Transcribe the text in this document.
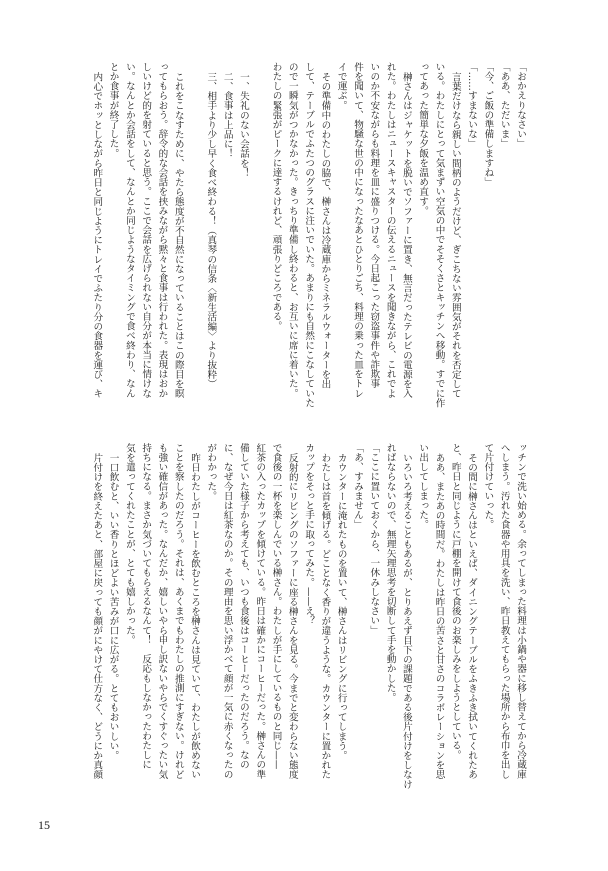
「おかえりなさい」

「ああ、ただいま」

「今、ご飯の準備しますね」

「……すまないな」

言葉だけなら親しい間柄のようだけど、ぎこちない雰囲気がそれを否定して

いる。わたしにとって気まずい空気の中でそそくさとキッチンへ移動。すでに作

ってあった簡単な夕飯を温め直す。

榊さんはジャケットを脱いでソファーに置き、無言だったテレビの電源を入

れた。わたしはニュースキャスターの伝えるニュースを聞きながら、これでよ

いのか不安ながらも料理を皿に盛りつける。今日起こった窃盗事件や詐欺事

件を聞いて、物騒な世の中になったなあとひとりごち、料理の乗った皿をトレ

イで運ぶ。

その準備中のわたしの脇で、榊さんは冷蔵庫からミネラルウォーターを出

して、テーブルでふたつのグラスに注いでいた。あまりにも自然にこなしていた

ので一瞬気がつかなかった。きっちり準備し終わると、お互いに席に着いた。

わたしの緊張がピークに達するけれど、頑張りどころである。

一、失礼のない会話を！

二、食事は上品に！

三、相手より少し早く食べ終わる！（真琴の信条〈新生活編〉より抜粋）

これをこなすために、やたら態度が不自然になっていることはこの際目を瞑

ってもらおう。辞令的な会話を挟みながら黙々と食事は行われた。表現はおか

しいけど的を射ていると思う。ここで会話を広げられない自分が本当に情けな

い。なんとか会話をして、なんとか同じようなタイミングで食べ終わり、なん

とか食事が終了した。

内心でホッとしながら昨日と同じようにトレイでふたり分の食器を運び、キ

ッチンで洗い始める。余ってしまった料理は小鍋や器に移し替えてから冷蔵庫

へしまう。汚れた食器や用具を洗い、昨日教えてもらった場所から布巾を出し

て片付けていった。

その間に榊さんはといえば、ダイニングテーブルをふきふき拭いてくれたあ

と、昨日と同じように戸棚を開けて食後のお楽しみをしようとしている。

ああ、またあの時間だ。わたしは昨日の苦さと甘さのコラボレーションを思

い出してしまった。

いろいろ考えることもあるが、とりあえず目下の課題である後片付けをしなけ

ればならないので、無理矢理思考を切断して手を動かした。

「ここに置いておくから、一休みしなさい」

「あ、すみません」

カウンターに淹れたものを置いて、榊さんはリビングに行ってしまう。

わたしは首を傾げる。どことなく香りが違うような。カウンターに置かれた

カップをそっと手に取ってみた。——え？

反射的にリビングのソファーに座る榊さんを見る。今までと変わらない態度

で食後の一杯を楽しんでいる榊さん。わたしが手にしているものと同じ——

紅茶の入ったカップを傾けている。昨日は確かにコーヒーだった。榊さんの準

備していた様子から考えても、いつも食後はコーヒーだったのだろう。なの

に、なぜ今日は紅茶なのか。その理由を思い浮かべて顔が一気に赤くなったの

がわかった。

昨日わたしがコーヒーを飲むところを榊さんは見ていて、わたしが飲めない

ことを察したのだろう。それは、あくまでもわたしの推測にすぎない。けれど

も強い確信があった。なんだか、嬉しいやら申し訳ないやらでくすぐったい気

持ちになる。まさか気づいてもらえるなんて！　反応もしなかったわたしに

気を遣ってくれたことが、とても嬉しかった。

一口飲むと、いい香りとほどよい苦みが口に広がる。とてもおいしい。

片付けを終えたあと、部屋に戻っても顔がにやけて仕方なく、どうにか真顔

15
